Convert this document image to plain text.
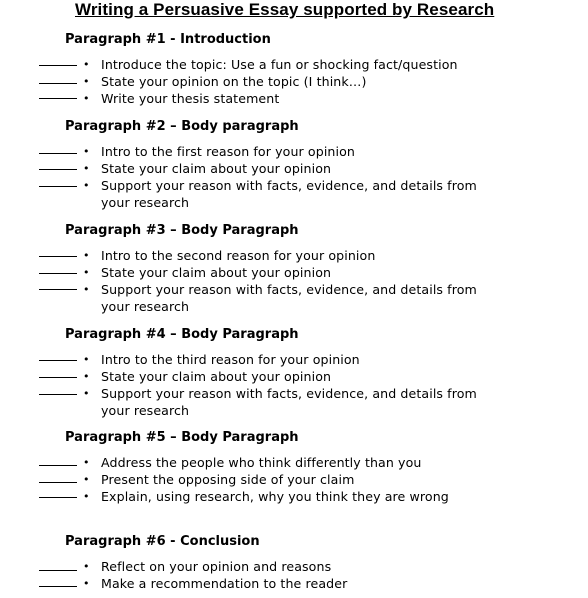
Writing a Persuasive Essay supported by Research
Paragraph #1 - Introduction
• Introduce the topic: Use a fun or shocking fact/question
• State your opinion on the topic (I think…)
• Write your thesis statement
Paragraph #2 – Body paragraph
• Intro to the first reason for your opinion
• State your claim about your opinion
• Support your reason with facts, evidence, and details from your research
Paragraph #3 – Body Paragraph
• Intro to the second reason for your opinion
• State your claim about your opinion
• Support your reason with facts, evidence, and details from your research
Paragraph #4 – Body Paragraph
• Intro to the third reason for your opinion
• State your claim about your opinion
• Support your reason with facts, evidence, and details from your research
Paragraph #5 – Body Paragraph
• Address the people who think differently than you
• Present the opposing side of your claim
• Explain, using research, why you think they are wrong
Paragraph #6 - Conclusion
• Reflect on your opinion and reasons
• Make a recommendation to the reader
